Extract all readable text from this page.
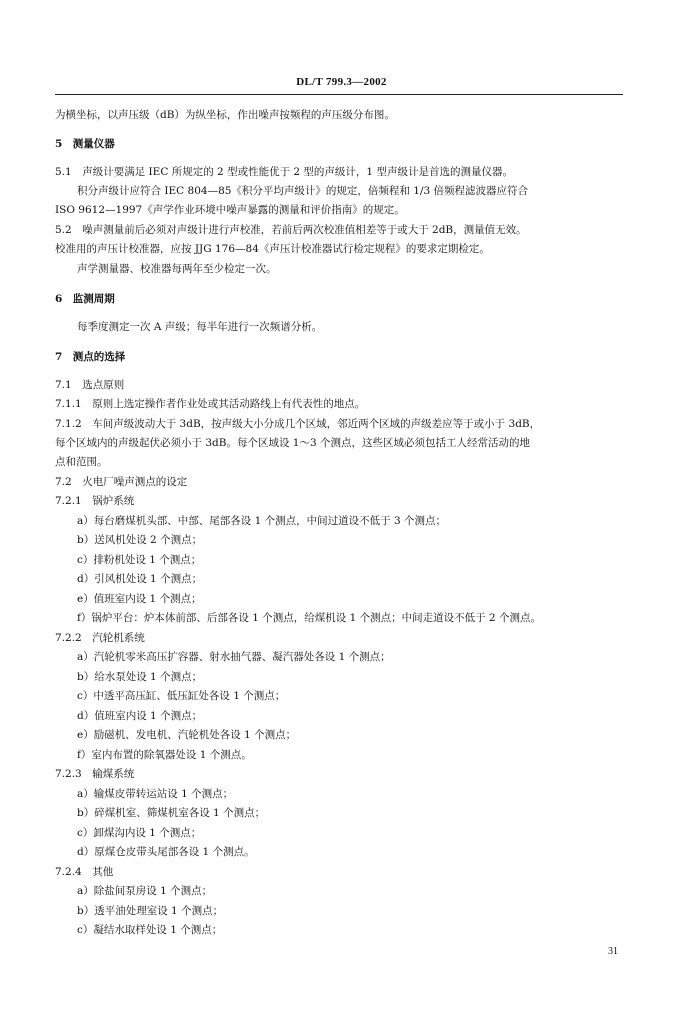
DL/T 799.3—2002
为横坐标，以声压级（dB）为纵坐标，作出噪声按频程的声压级分布图。
5　测量仪器
5.1　声级计要满足 IEC 所规定的 2 型或性能优于 2 型的声级计，1 型声级计是首选的测量仪器。
积分声级计应符合 IEC 804—85《积分平均声级计》的规定，倍频程和 1/3 倍频程滤波器应符合
ISO 9612—1997《声学作业环境中噪声暴露的测量和评价指南》的规定。
5.2　噪声测量前后必须对声级计进行声校准，若前后两次校准值相差等于或大于 2dB，测量值无效。
校准用的声压计校准器，应按 JJG 176—84《声压计校准器试行检定规程》的要求定期检定。
声学测量器、校准器每两年至少检定一次。
6　监测周期
每季度测定一次 A 声级；每半年进行一次频谱分析。
7　测点的选择
7.1　选点原则
7.1.1　原则上选定操作者作业处或其活动路线上有代表性的地点。
7.1.2　车间声级波动大于 3dB，按声级大小分成几个区域，邻近两个区域的声级差应等于或小于 3dB，
每个区域内的声级起伏必须小于 3dB。每个区域设 1～3 个测点，这些区域必须包括工人经常活动的地
点和范围。
7.2　火电厂噪声测点的设定
7.2.1　锅炉系统
a）每台磨煤机头部、中部、尾部各设 1 个测点，中间过道设不低于 3 个测点；
b）送风机处设 2 个测点；
c）排粉机处设 1 个测点；
d）引风机处设 1 个测点；
e）值班室内设 1 个测点；
f）锅炉平台：炉本体前部、后部各设 1 个测点，给煤机设 1 个测点；中间走道设不低于 2 个测点。
7.2.2　汽轮机系统
a）汽轮机零米高压扩容器、射水抽气器、凝汽器处各设 1 个测点；
b）给水泵处设 1 个测点；
c）中透平高压缸、低压缸处各设 1 个测点；
d）值班室内设 1 个测点；
e）励磁机、发电机、汽轮机处各设 1 个测点；
f）室内布置的除氧器处设 1 个测点。
7.2.3　输煤系统
a）输煤皮带转运站设 1 个测点；
b）碎煤机室、筛煤机室各设 1 个测点；
c）卸煤沟内设 1 个测点；
d）原煤仓皮带头尾部各设 1 个测点。
7.2.4　其他
a）除盐间泵房设 1 个测点；
b）透平油处理室设 1 个测点；
c）凝结水取样处设 1 个测点；
31
